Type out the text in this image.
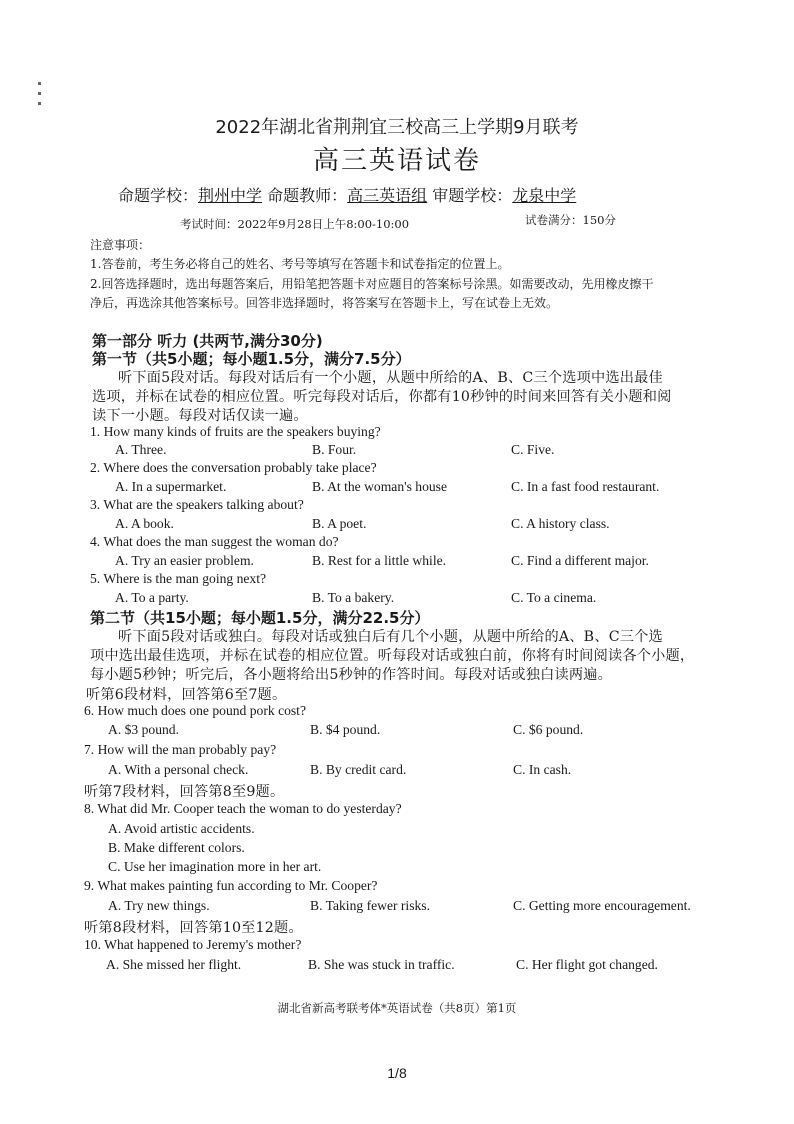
2022年湖北省荆荆宜三校高三上学期9月联考
高三英语试卷
命题学校：荆州中学 命题教师：高三英语组 审题学校：龙泉中学
考试时间：2022年9月28日上午8:00-10:00	试卷满分：150分
注意事项：
1.答卷前，考生务必将自己的姓名、考号等填写在答题卡和试卷指定的位置上。
2.回答选择题时，选出每题答案后，用铅笔把答题卡对应题目的答案标号涂黑。如需要改动，先用橡皮擦干
净后，再选涂其他答案标号。回答非选择题时，将答案写在答题卡上，写在试卷上无效。
第一部分 听力 (共两节,满分30分)
第一节（共5小题；每小题1.5分，满分7.5分）
听下面5段对话。每段对话后有一个小题，从题中所给的A、B、C三个选项中选出最佳
选项，并标在试卷的相应位置。听完每段对话后，你都有10秒钟的时间来回答有关小题和阅
读下一小题。每段对话仅读一遍。
1. How many kinds of fruits are the speakers buying?
A. Three.	B. Four.	C. Five.
2. Where does the conversation probably take place?
A. In a supermarket.	B. At the woman's house	C. In a fast food restaurant.
3. What are the speakers talking about?
A. A book.	B. A poet.	C. A history class.
4. What does the man suggest the woman do?
A. Try an easier problem.	B. Rest for a little while.	C. Find a different major.
5. Where is the man going next?
A. To a party.	B. To a bakery.	C. To a cinema.
第二节（共15小题；每小题1.5分，满分22.5分）
听下面5段对话或独白。每段对话或独白后有几个小题，从题中所给的A、B、C三个选
项中选出最佳选项，并标在试卷的相应位置。听每段对话或独白前，你将有时间阅读各个小题，
每小题5秒钟；听完后，各小题将给出5秒钟的作答时间。每段对话或独白读两遍。
听第6段材料，回答第6至7题。
6. How much does one pound pork cost?
A. $3 pound.	B. $4 pound.	C. $6 pound.
7. How will the man probably pay?
A. With a personal check.	B. By credit card.	C. In cash.
听第7段材料，回答第8至9题。
8. What did Mr. Cooper teach the woman to do yesterday?
A. Avoid artistic accidents.
B. Make different colors.
C. Use her imagination more in her art.
9. What makes painting fun according to Mr. Cooper?
A. Try new things.	B. Taking fewer risks.	C. Getting more encouragement.
听第8段材料，回答第10至12题。
10. What happened to Jeremy's mother?
A. She missed her flight.	B. She was stuck in traffic.	C. Her flight got changed.
湖北省新高考联考体*英语试卷（共8页）第1页
1/8
